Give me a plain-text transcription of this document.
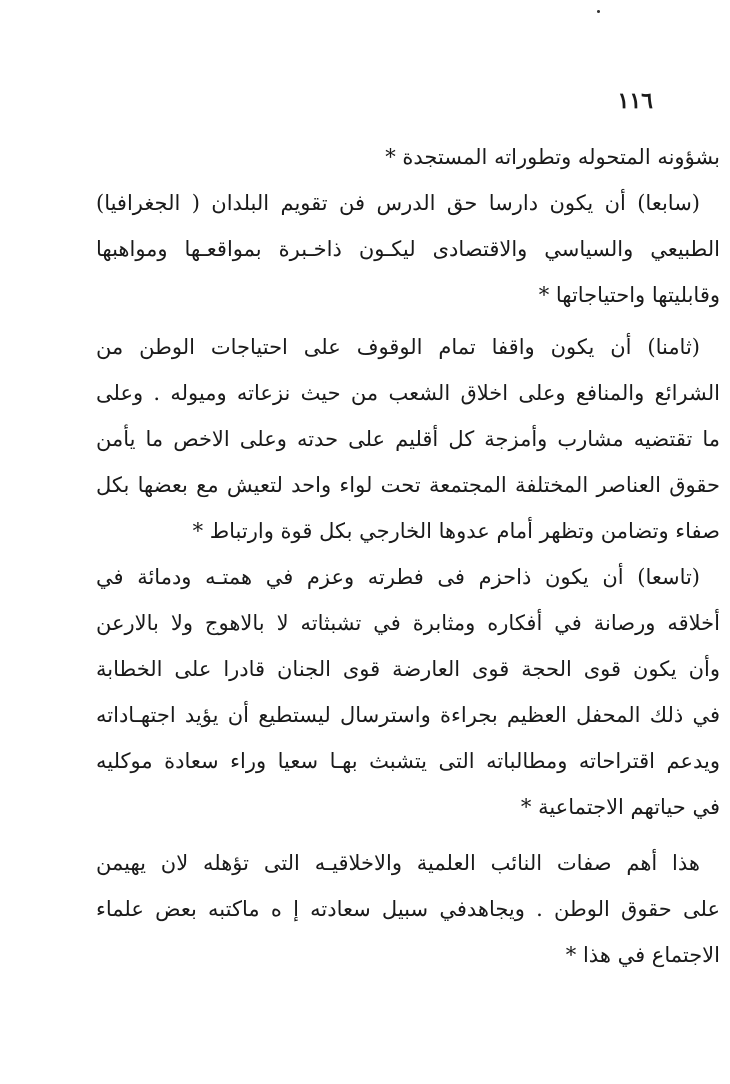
١١٦
بشؤونه المتحوله وتطوراته المستجدة *
(سابعا) أن يكون دارسا حق الدرس فن تقويم البلدان ( الجغرافيا)
الطبيعي والسياسي والاقتصادى ليكـون ذاخـبرة بمواقعـها ومواهبها
وقابليتها واحتياجاتها *
(ثامنا) أن يكون واقفا تمام الوقوف على احتياجات الوطن من
الشرائع والمنافع وعلى اخلاق الشعب من حيث نزعاته وميوله . وعلى
ما تقتضيه مشارب وأمزجة كل أقليم على حدته وعلى الاخص ما يأمن
حقوق العناصر المختلفة المجتمعة تحت لواء واحد لتعيش مع بعضها بكل
صفاء وتضامن وتظهر أمام عدوها الخارجي بكل قوة وارتباط *
(تاسعا) أن يكون ذاحزم فى فطرته وعزم في همتـه ودمائة في
أخلاقه ورصانة في أفكاره ومثابرة في تشبثاته لا بالاهوج ولا بالارعن
وأن يكون قوى الحجة قوى العارضة قوى الجنان قادرا على الخطابة
في ذلك المحفل العظيم بجراءة واسترسال ليستطيع أن يؤيد اجتهـاداته
ويدعم اقتراحاته ومطالباته التى يتشبث بهـا سعيا وراء سعادة موكليه
في حياتهم الاجتماعية *
هذا أهم صفات النائب العلمية والاخلاقيـه التى تؤهله لان يهيمن
على حقوق الوطن . ويجاهدفي سبيل سعادته إ ه ماكتبه بعض علماء
الاجتماع في هذا *
